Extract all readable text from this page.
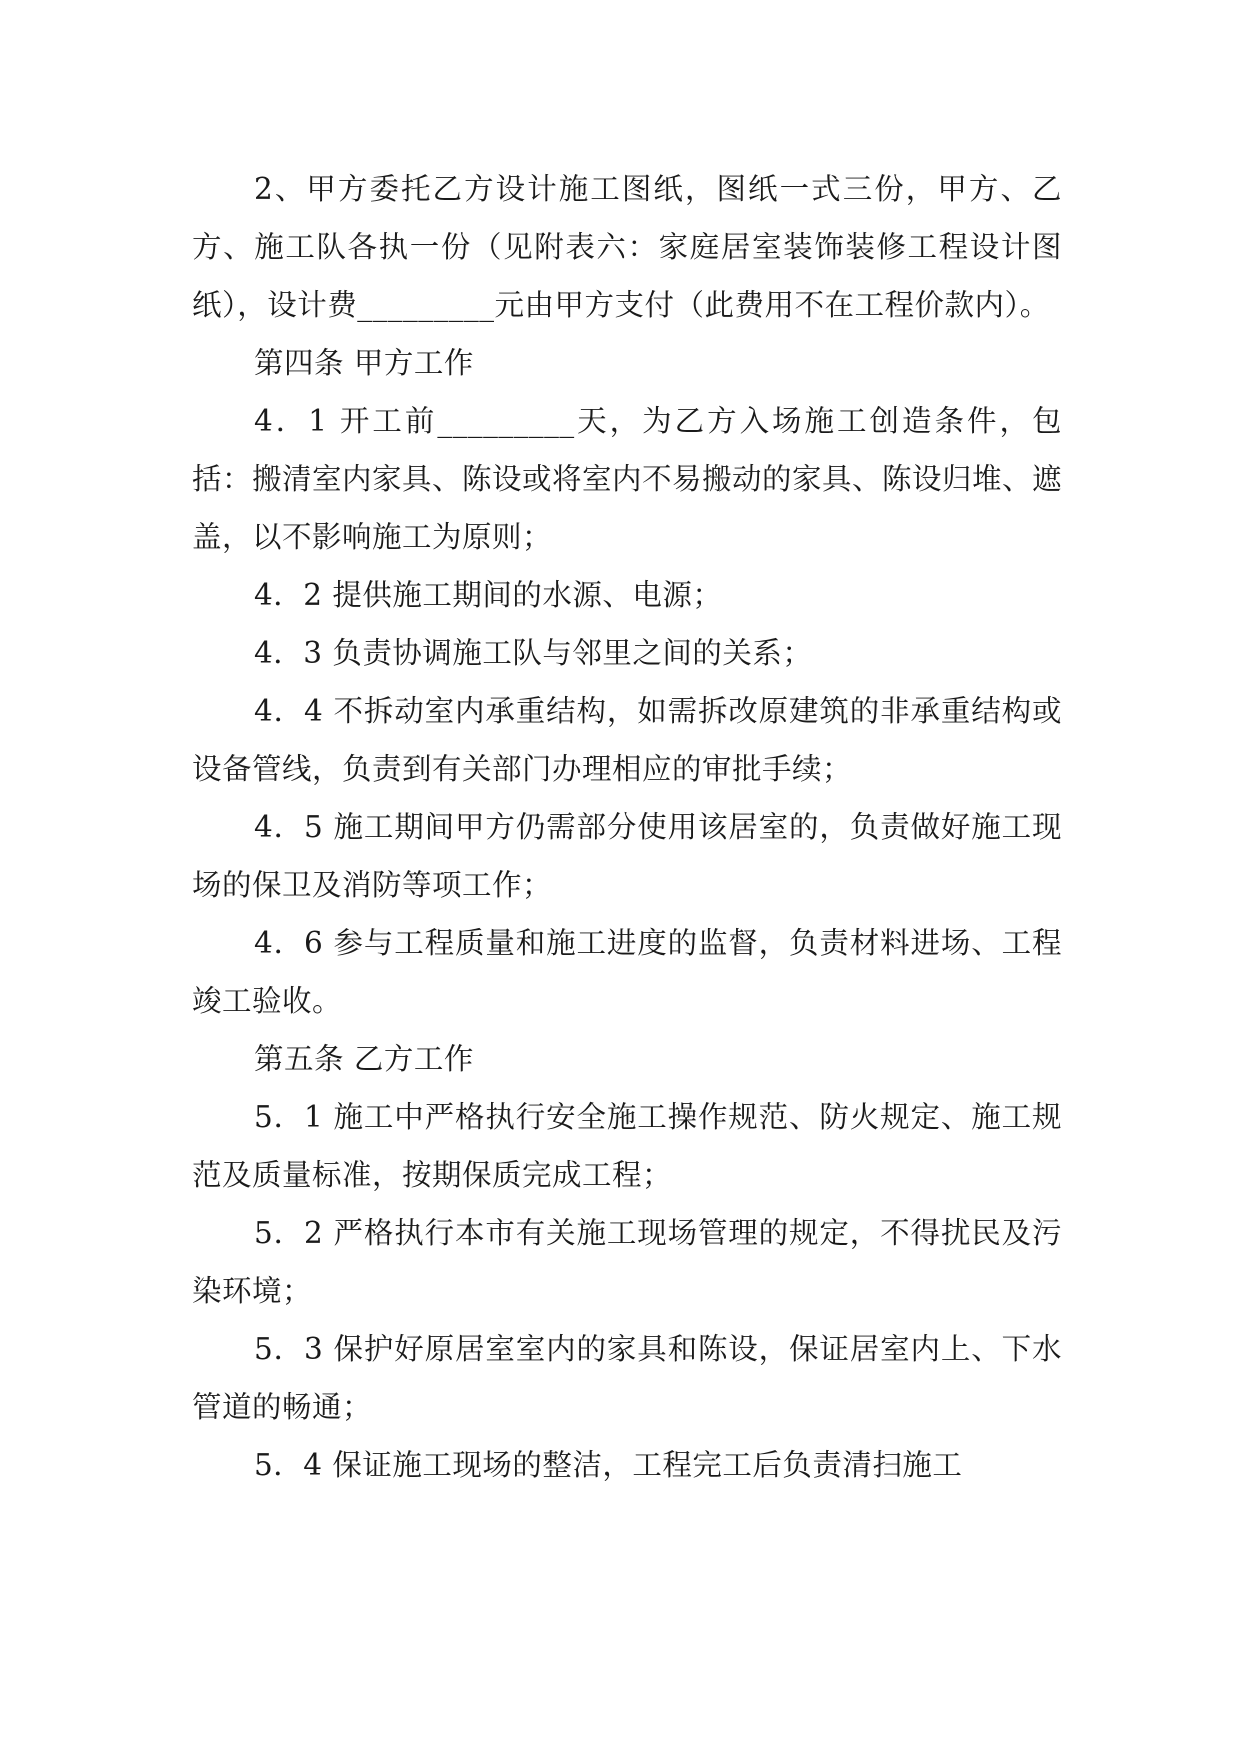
2、甲方委托乙方设计施工图纸，图纸一式三份，甲方、乙方、施工队各执一份（见附表六：家庭居室装饰装修工程设计图纸），设计费_________元由甲方支付（此费用不在工程价款内）。

第四条 甲方工作

4．1 开工前_________天，为乙方入场施工创造条件，包括：搬清室内家具、陈设或将室内不易搬动的家具、陈设归堆、遮盖，以不影响施工为原则；

4．2 提供施工期间的水源、电源；

4．3 负责协调施工队与邻里之间的关系；

4．4 不拆动室内承重结构，如需拆改原建筑的非承重结构或设备管线，负责到有关部门办理相应的审批手续；

4．5 施工期间甲方仍需部分使用该居室的，负责做好施工现场的保卫及消防等项工作；

4．6 参与工程质量和施工进度的监督，负责材料进场、工程竣工验收。

第五条 乙方工作

5．1 施工中严格执行安全施工操作规范、防火规定、施工规范及质量标准，按期保质完成工程；

5．2 严格执行本市有关施工现场管理的规定，不得扰民及污染环境；

5．3 保护好原居室室内的家具和陈设，保证居室内上、下水管道的畅通；

5．4 保证施工现场的整洁，工程完工后负责清扫施工
